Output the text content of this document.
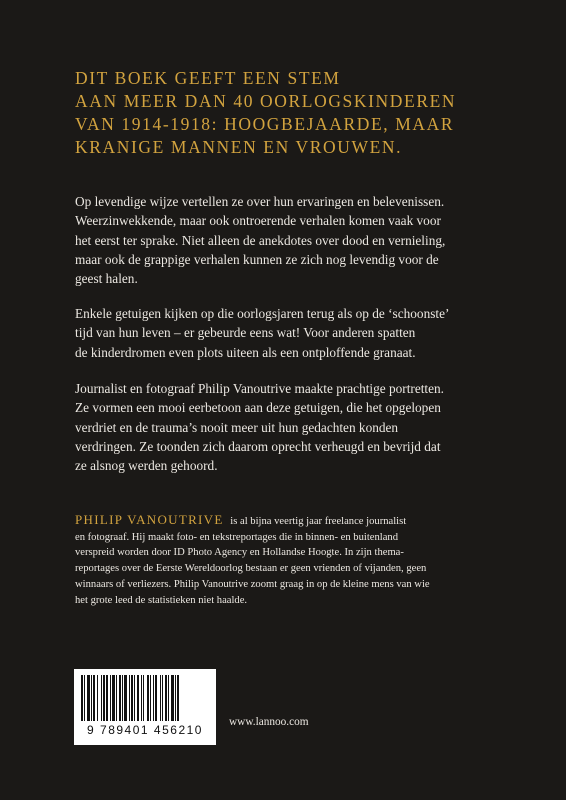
DIT BOEK GEEFT EEN STEM
AAN MEER DAN 40 OORLOGSKINDEREN
VAN 1914-1918: HOOGBEJAARDE, MAAR
KRANIGE MANNEN EN VROUWEN.
Op levendige wijze vertellen ze over hun ervaringen en belevenissen.
Weerzinwekkende, maar ook ontroerende verhalen komen vaak voor
het eerst ter sprake. Niet alleen de anekdotes over dood en vernieling,
maar ook de grappige verhalen kunnen ze zich nog levendig voor de
geest halen.
Enkele getuigen kijken op die oorlogsjaren terug als op de ‘schoonste’
tijd van hun leven – er gebeurde eens wat! Voor anderen spatten
de kinderdromen even plots uiteen als een ontploffende granaat.
Journalist en fotograaf Philip Vanoutrive maakte prachtige portretten.
Ze vormen een mooi eerbetoon aan deze getuigen, die het opgelopen
verdriet en de trauma’s nooit meer uit hun gedachten konden
verdringen. Ze toonden zich daarom oprecht verheugd en bevrijd dat
ze alsnog werden gehoord.
PHILIP VANOUTRIVE is al bijna veertig jaar freelance journalist
en fotograaf. Hij maakt foto- en tekstreportages die in binnen- en buitenland
verspreid worden door ID Photo Agency en Hollandse Hoogte. In zijn thema-
reportages over de Eerste Wereldoorlog bestaan er geen vrienden of vijanden, geen
winnaars of verliezers. Philip Vanoutrive zoomt graag in op de kleine mens van wie
het grote leed de statistieken niet haalde.
9 789401 456210
www.lannoo.com
